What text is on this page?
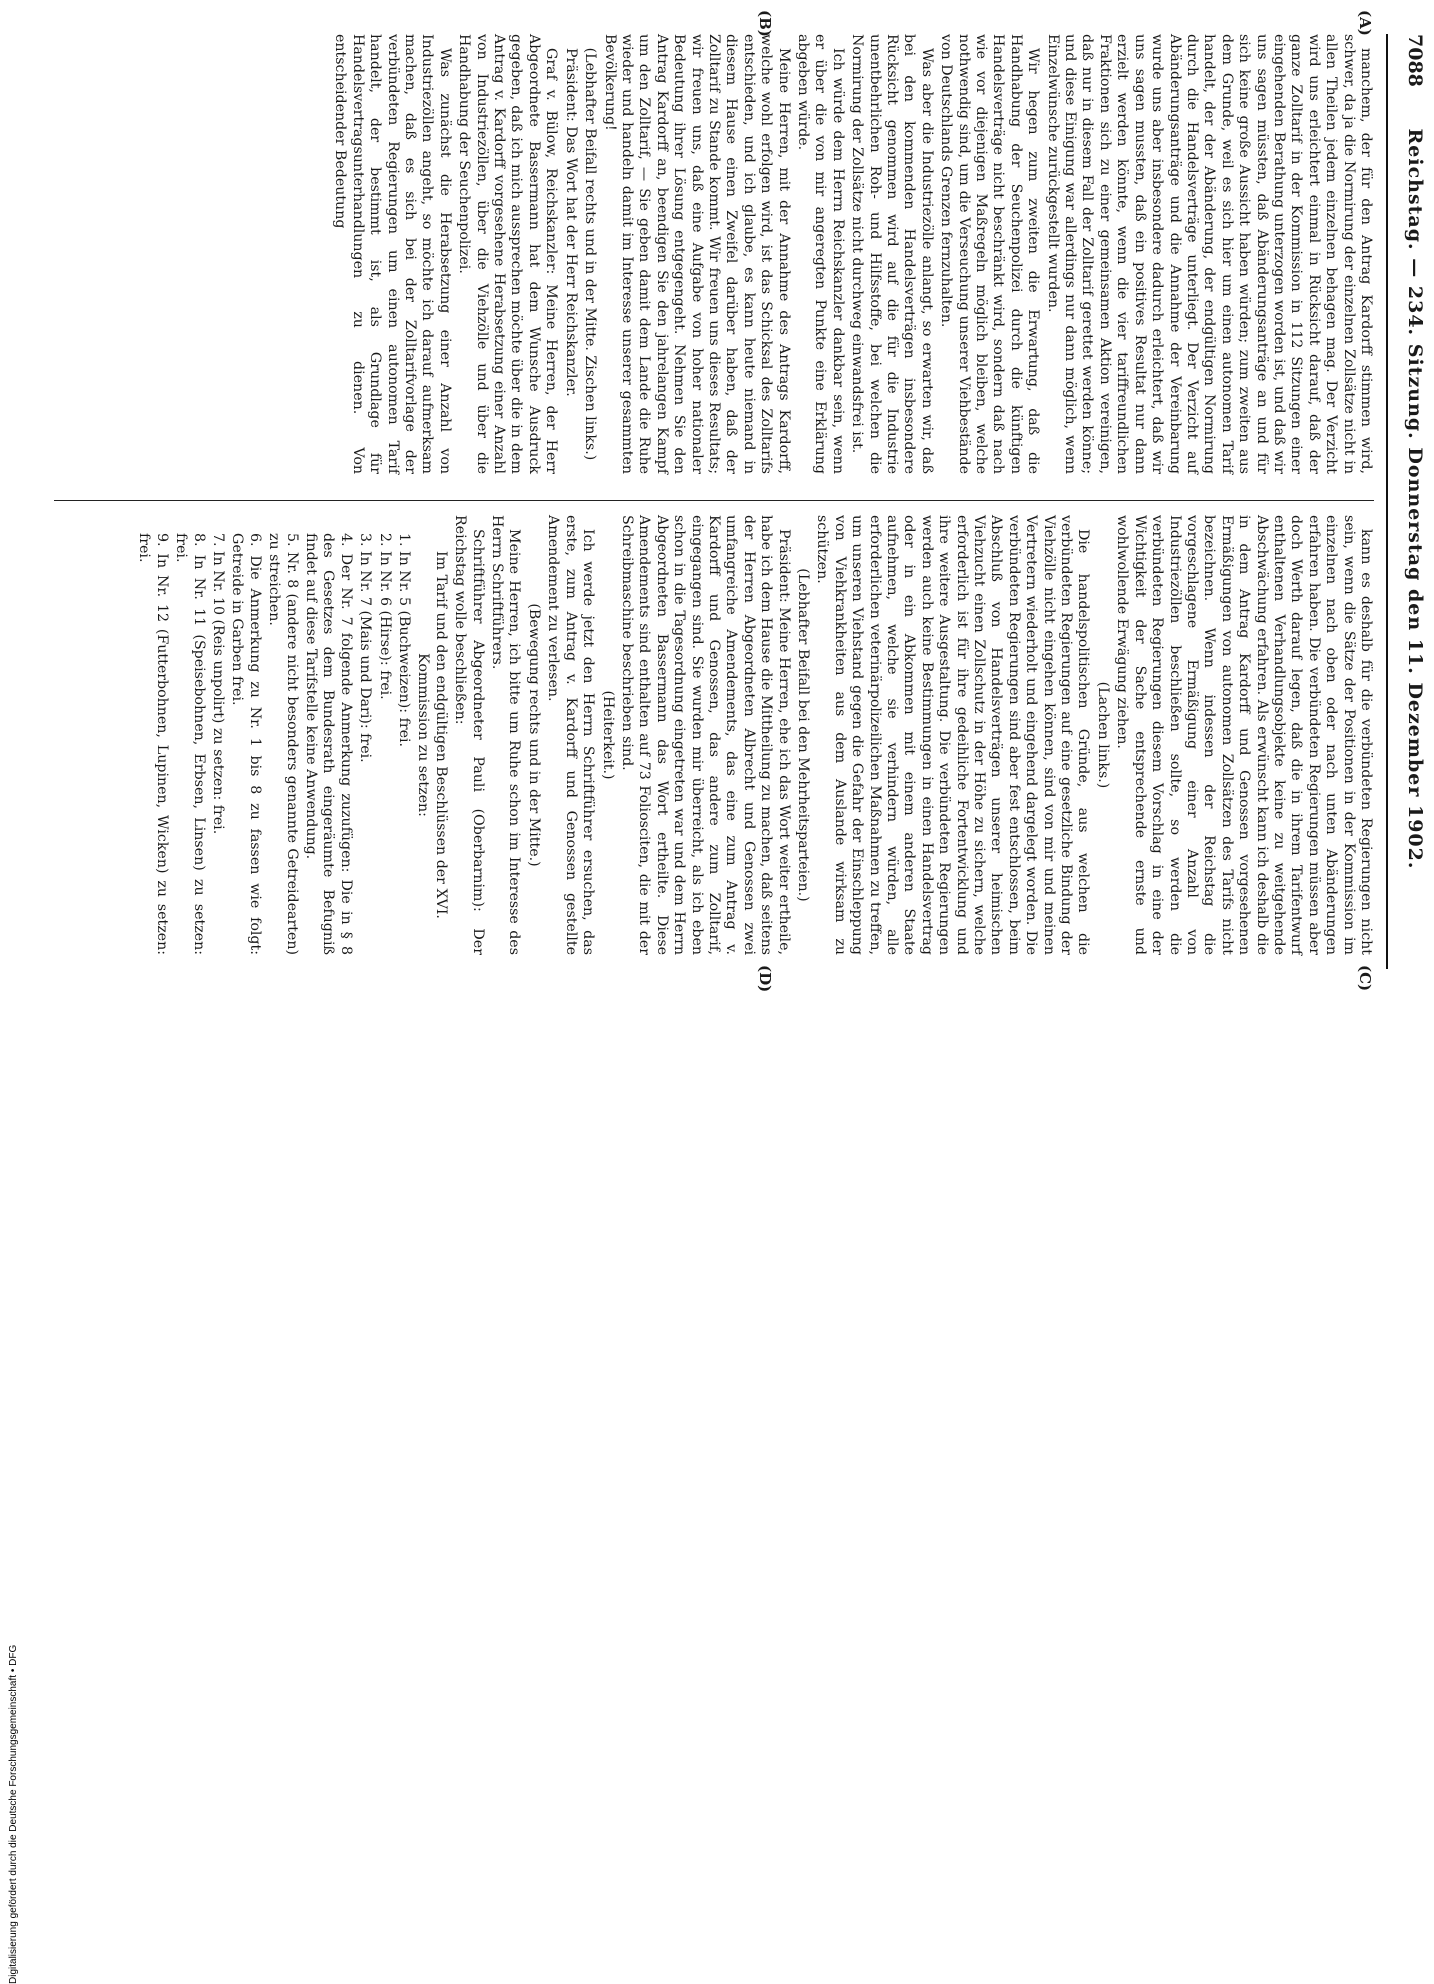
7088
Reichstag. — 234. Sitzung. Donnerstag den 11. Dezember 1902.
(A)
(B)
(C)
(D)

manchem, der für den Antrag Kardorff stimmen wird, schwer, da ja die Normirung der einzelnen Zollsätze nicht in allen Theilen jedem einzelnen behagen mag. Der Verzicht wird uns erleichtert einmal in Rücksicht darauf, daß der ganze Zolltarif in der Kommission in 112 Sitzungen einer eingehenden Berathung unterzogen worden ist, und daß wir uns sagen müssten, daß Abänderungsanträge an und für sich keine große Aussicht haben würden; zum zweiten aus dem Grunde, weil es sich hier um einen autonomen Tarif handelt, der der Abänderung, der endgültigen Normirung durch die Handelsverträge unterliegt. Der Verzicht auf Abänderungsanträge und die Annahme der Vereinbarung wurde uns aber insbesondere dadurch erleichtert, daß wir uns sagen mussten, daß ein positives Resultat nur dann erzielt werden könnte, wenn die vier tariffreundlichen Fraktionen sich zu einer gemeinsamen Aktion vereinigen, daß nur in diesem Fall der Zolltarif gerettet werden könne; und diese Einigung war allerdings nur dann möglich, wenn Einzelwünsche zurückgestellt wurden.

Wir hegen zum zweiten die Erwartung, daß die Handhabung der Seuchenpolizei durch die künftigen Handelsverträge nicht beschränkt wird, sondern daß nach wie vor diejenigen Maßregeln möglich bleiben, welche nothwendig sind, um die Verseuchung unserer Viehbestände von Deutschlands Grenzen fernzuhalten.

Was aber die Industriezölle anlangt, so erwarten wir, daß bei den kommenden Handelsverträgen insbesondere Rücksicht genommen wird auf die für die Industrie unentbehrlichen Roh- und Hilfsstoffe, bei welchen die Normirung der Zollsätze nicht durchweg einwandsfrei ist.

Ich würde dem Herrn Reichskanzler dankbar sein, wenn er über die von mir angeregten Punkte eine Erklärung abgeben würde.

Meine Herren, mit der Annahme des Antrags Kardorff, welche wohl erfolgen wird, ist das Schicksal des Zolltarifs entschieden, und ich glaube, es kann heute niemand in diesem Hause einen Zweifel darüber haben, daß der Zolltarif zu Stande kommt. Wir freuen uns dieses Resultats; wir freuen uns, daß eine Aufgabe von hoher nationaler Bedeutung ihrer Lösung entgegengeht. Nehmen Sie den Antrag Kardorff an, beendigen Sie den jahrelangen Kampf um den Zolltarif, — Sie geben damit dem Lande die Ruhe wieder und handeln damit im Interesse unserer gesammten Bevölkerung!

(Lebhafter Beifall rechts und in der Mitte. Zischen links.)

Präsident: Das Wort hat der Herr Reichskanzler.

Graf v. Bülow, Reichskanzler: Meine Herren, der Herr Abgeordnete Bassermann hat dem Wunsche Ausdruck gegeben, daß ich mich aussprechen möchte über die in dem Antrag v. Kardorff vorgesehene Herabsetzung einer Anzahl von Industriezöllen, über die Viehzölle und über die Handhabung der Seuchenpolizei.

Was zunächst die Herabsetzung einer Anzahl von Industriezöllen angeht, so möchte ich darauf aufmerksam machen, daß es sich bei der Zolltarifvorlage der verbündeten Regierungen um einen autonomen Tarif handelt, der bestimmt ist, als Grundlage für Handelsvertragsunterhandlungen zu dienen. Von entscheidender Bedeutung

kann es deshalb für die verbündeten Regierungen nicht sein, wenn die Sätze der Positionen in der Kommission im einzelnen nach oben oder nach unten Abänderungen erfahren haben. Die verbündeten Regierungen müssen aber doch Werth darauf legen, daß die in ihrem Tarifentwurf enthaltenen Verhandlungsobjekte keine zu weitgehende Abschwächung erfahren. Als erwünscht kann ich deshalb die in dem Antrag Kardorff und Genossen vorgesehenen Ermäßigungen von autonomen Zollsätzen des Tarifs nicht bezeichnen. Wenn indessen der Reichstag die vorgeschlagene Ermäßigung einer Anzahl von Industriezöllen beschließen sollte, so werden die verbündeten Regierungen diesem Vorschlag in eine der Wichtigkeit der Sache entsprechende ernste und wohlwollende Erwägung ziehen.

(Lachen links.)

Die handelspolitischen Gründe, aus welchen die verbündeten Regierungen auf eine gesetzliche Bindung der Viehzölle nicht eingehen können, sind von mir und meinen Vertretern wiederholt und eingehend dargelegt worden. Die verbündeten Regierungen sind aber fest entschlossen, beim Abschluß von Handelsverträgen unserer heimischen Viehzucht einen Zollschutz in der Höhe zu sichern, welche erforderlich ist für ihre gedeihliche Fortentwicklung und ihre weitere Ausgestaltung. Die verbündeten Regierungen werden auch keine Bestimmungen in einen Handelsvertrag oder in ein Abkommen mit einem anderen Staate aufnehmen, welche sie verhindern würden, alle erforderlichen veterinärpolizeilichen Maßnahmen zu treffen, um unseren Viehstand gegen die Gefahr der Einschleppung von Viehkrankheiten aus dem Auslande wirksam zu schützen.

(Lebhafter Beifall bei den Mehrheitsparteien.)

Präsident: Meine Herren, ehe ich das Wort weiter ertheile, habe ich dem Hause die Mittheilung zu machen, daß seitens der Herren Abgeordneten Albrecht und Genossen zwei umfangreiche Amendements, das eine zum Antrag v. Kardorff und Genossen, das andere zum Zolltarif, eingegangen sind. Sie wurden mir überreicht, als ich eben schon in die Tagesordnung eingetreten war und dem Herrn Abgeordneten Bassermann das Wort ertheilte. Diese Amendements sind enthalten auf 73 Foliosciten, die mit der Schreibmaschine beschrieben sind.

(Heiterkeit.)

Ich werde jetzt den Herrn Schriftführer ersuchen, das erste, zum Antrag v. Kardorff und Genossen gestellte Amendement zu verlesen.

(Bewegung rechts und in der Mitte.)

Meine Herren, ich bitte um Ruhe schon im Interesse des Herrn Schriftführers.

Schriftführer Abgeordneter Pauli (Oberbarnim): Der Reichstag wolle beschließen:

Im Tarif und den endgültigen Beschlüssen der XVI. Kommission zu setzen:

1. In Nr. 5 (Buchweizen): frei.

2. In Nr. 6 (Hirse): frei.

3. In Nr. 7 (Mais und Dari): frei.

4. Der Nr. 7 folgende Anmerkung zuzufügen: Die in § 8 des Gesetzes dem Bundesrath eingeräumte Befugniß findet auf diese Tarifstelle keine Anwendung.

5. Nr. 8 (andere nicht besonders genannte Getreidearten) zu streichen.

6. Die Anmerkung zu Nr. 1 bis 8 zu fassen wie folgt: Getreide in Garben frei.

7. In Nr. 10 (Reis unpolirt) zu setzen: frei.

8. In Nr. 11 (Speisebohnen, Erbsen, Linsen) zu setzen: frei.

9. In Nr. 12 (Futterbohnen, Lupinen, Wicken) zu setzen: frei.

Digitalisierung gefördert durch die Deutsche Forschungsgemeinschaft • DFG
